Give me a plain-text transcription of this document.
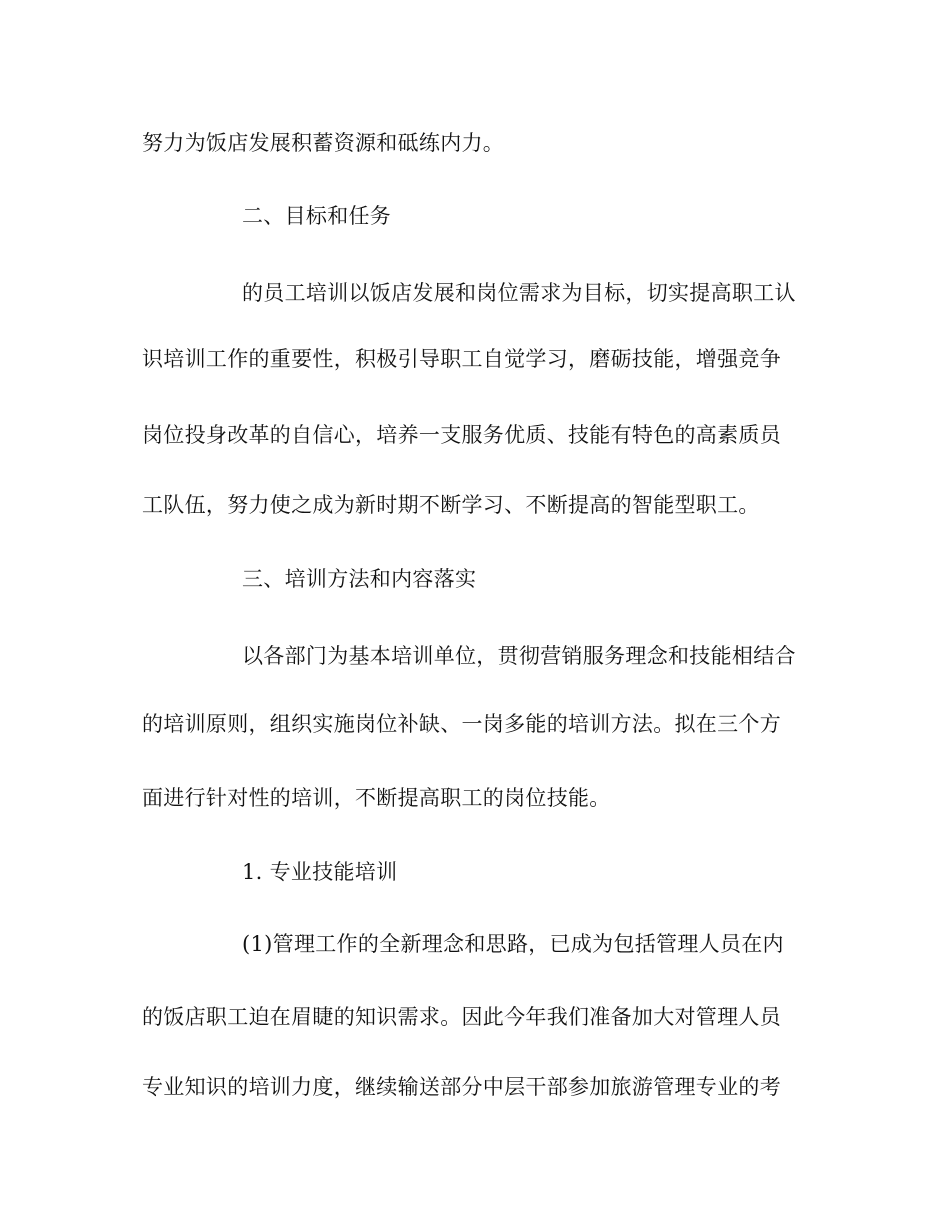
努力为饭店发展积蓄资源和砥练内力。
二、目标和任务
的员工培训以饭店发展和岗位需求为目标，切实提高职工认
识培训工作的重要性，积极引导职工自觉学习，磨砺技能，增强竞争
岗位投身改革的自信心，培养一支服务优质、技能有特色的高素质员
工队伍，努力使之成为新时期不断学习、不断提高的智能型职工。
三、培训方法和内容落实
以各部门为基本培训单位，贯彻营销服务理念和技能相结合
的培训原则，组织实施岗位补缺、一岗多能的培训方法。拟在三个方
面进行针对性的培训，不断提高职工的岗位技能。
1. 专业技能培训
(1)管理工作的全新理念和思路，已成为包括管理人员在内
的饭店职工迫在眉睫的知识需求。因此今年我们准备加大对管理人员
专业知识的培训力度，继续输送部分中层干部参加旅游管理专业的考
